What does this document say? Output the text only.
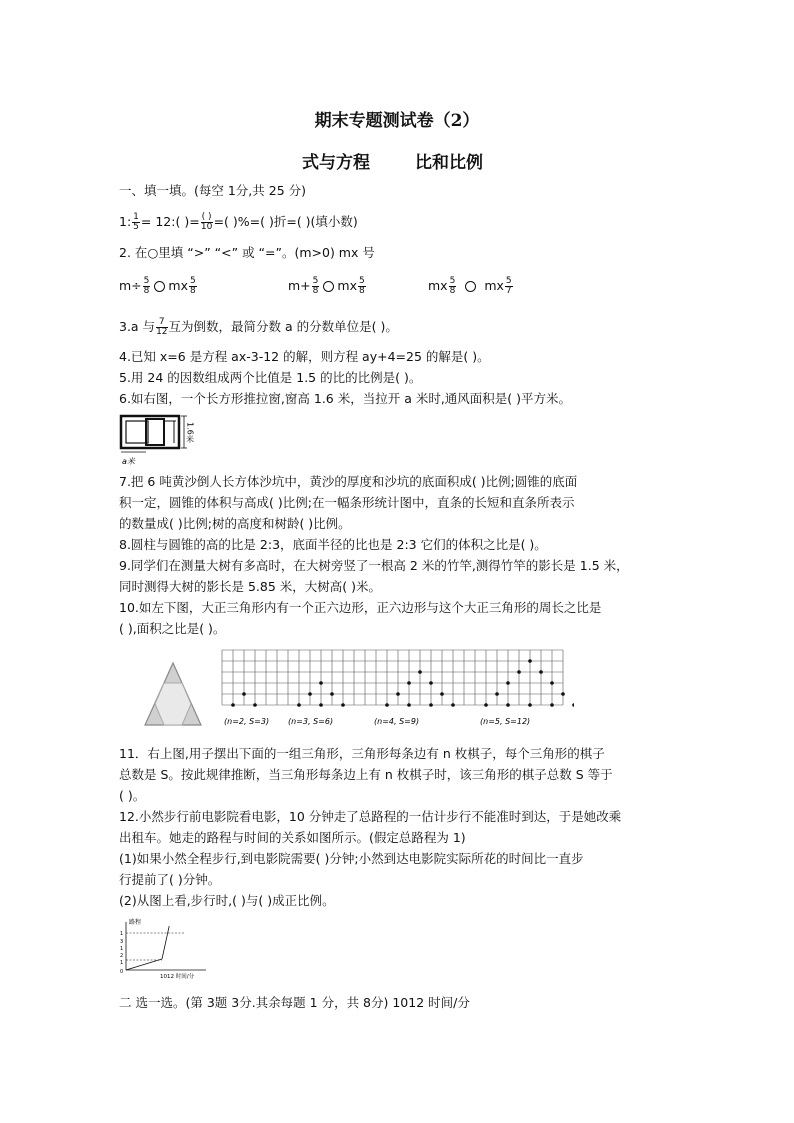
期末专题测试卷（2）
式与方程	比和比例
一、填一填。(每空 1分,共 25 分)
1: $\frac{1}{5}$ = 12:( )= $\frac{( )}{10}$ =( )%=( )折=( )(填小数)
2. 在○里填 “>” “<” 或 “=”。(m>0) mx 号
$m\div \frac{5}{8}$ mx $\frac{5}{8}$	$m+ \frac{5}{8}$ mx $\frac{5}{8}$	mx $\frac{5}{8}$ mx $\frac{5}{7}$
3.a 与 $\frac{7}{12}$ 互为倒数，最简分数 a 的分数单位是( )。
4.已知 x=6 是方程 ax-3-12 的解，则方程 ay+4=25 的解是( )。
5.用 24 的因数组成两个比值是 1.5 的比的比例是( )。
6.如右图，一个长方形推拉窗,窗高 1.6 米，当拉开 a 米时,通风面积是( )平方米。
1.6米
a米
7.把 6 吨黄沙倒人长方体沙坑中，黄沙的厚度和沙坑的底面积成( )比例;圆锥的底面
积一定，圆锥的体积与高成( )比例;在一幅条形统计图中，直条的长短和直条所表示
的数量成( )比例;树的高度和树龄( )比例。
8.圆柱与圆锥的高的比是 2:3，底面半径的比也是 2:3 它们的体积之比是( )。
9.同学们在测量大树有多高时，在大树旁竖了一根高 2 米的竹竿,测得竹竿的影长是 1.5 米，
同时测得大树的影长是 5.85 米，大树高( )米。
10.如左下图，大正三角形内有一个正六边形，正六边形与这个大正三角形的周长之比是
( ),面积之比是( )。
(n=2, S=3) (n=3, S=6)	(n=4, S=9)	(n=5, S=12)
11．右上图,用子摆出下面的一组三角形，三角形每条边有 n 枚棋子，每个三角形的棋子
总数是 S。按此规律推断，当三角形每条边上有 n 枚棋子时，该三角形的棋子总数 S 等于
( )。
12.小然步行前电影院看电影，10 分钟走了总路程的一估计步行不能准时到达，于是她改乘
出租车。她走的路程与时间的关系如图所示。(假定总路程为 1)
(1)如果小然全程步行,到电影院需要( )分钟;小然到达电影院实际所花的时间比一直步
行提前了( )分钟。
(2)从图上看,步行时,( )与( )成正比例。
路程
1
3
1
2
1
0
1012 时间/分
二 选一选。(第 3题 3分.其余每题 1 分，共 8分) 1012 时间/分
